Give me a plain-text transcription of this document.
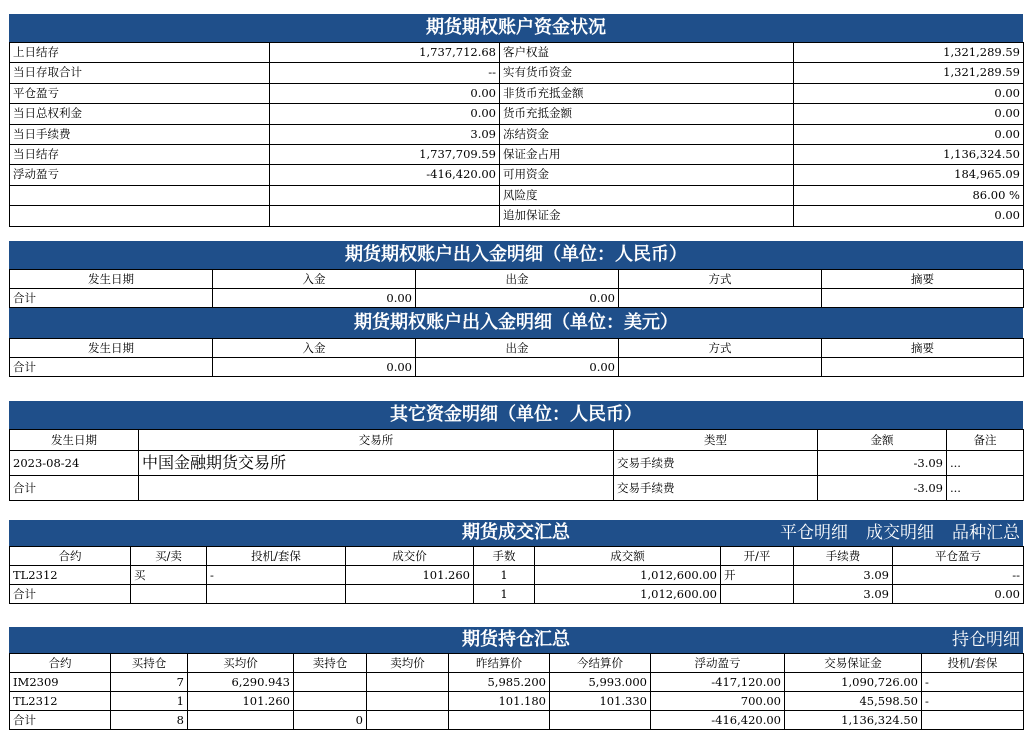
期货期权账户资金状况
上日结存	1,737,712.68	客户权益	1,321,289.59
当日存取合计	--	实有货币资金	1,321,289.59
平仓盈亏	0.00	非货币充抵金额	0.00
当日总权利金	0.00	货币充抵金额	0.00
当日手续费	3.09	冻结资金	0.00
当日结存	1,737,709.59	保证金占用	1,136,324.50
浮动盈亏	-416,420.00	可用资金	184,965.09
		风险度	86.00 %
		追加保证金	0.00
期货期权账户出入金明细（单位：人民币）
发生日期	入金	出金	方式	摘要
合计	0.00	0.00		
期货期权账户出入金明细（单位：美元）
发生日期	入金	出金	方式	摘要
合计	0.00	0.00		
其它资金明细（单位：人民币）
发生日期	交易所	类型	金额	备注
2023-08-24	中国金融期货交易所	交易手续费	-3.09	...
合计		交易手续费	-3.09	...
期货成交汇总	平仓明细 成交明细 品种汇总
合约	买/卖	投机/套保	成交价	手数	成交额	开/平	手续费	平仓盈亏
TL2312	买	-	101.260	1	1,012,600.00	开	3.09	--
合计				1	1,012,600.00		3.09	0.00
期货持仓汇总	持仓明细
合约	买持仓	买均价	卖持仓	卖均价	昨结算价	今结算价	浮动盈亏	交易保证金	投机/套保
IM2309	7	6,290.943			5,985.200	5,993.000	-417,120.00	1,090,726.00	-
TL2312	1	101.260			101.180	101.330	700.00	45,598.50	-
合计	8		0				-416,420.00	1,136,324.50	
